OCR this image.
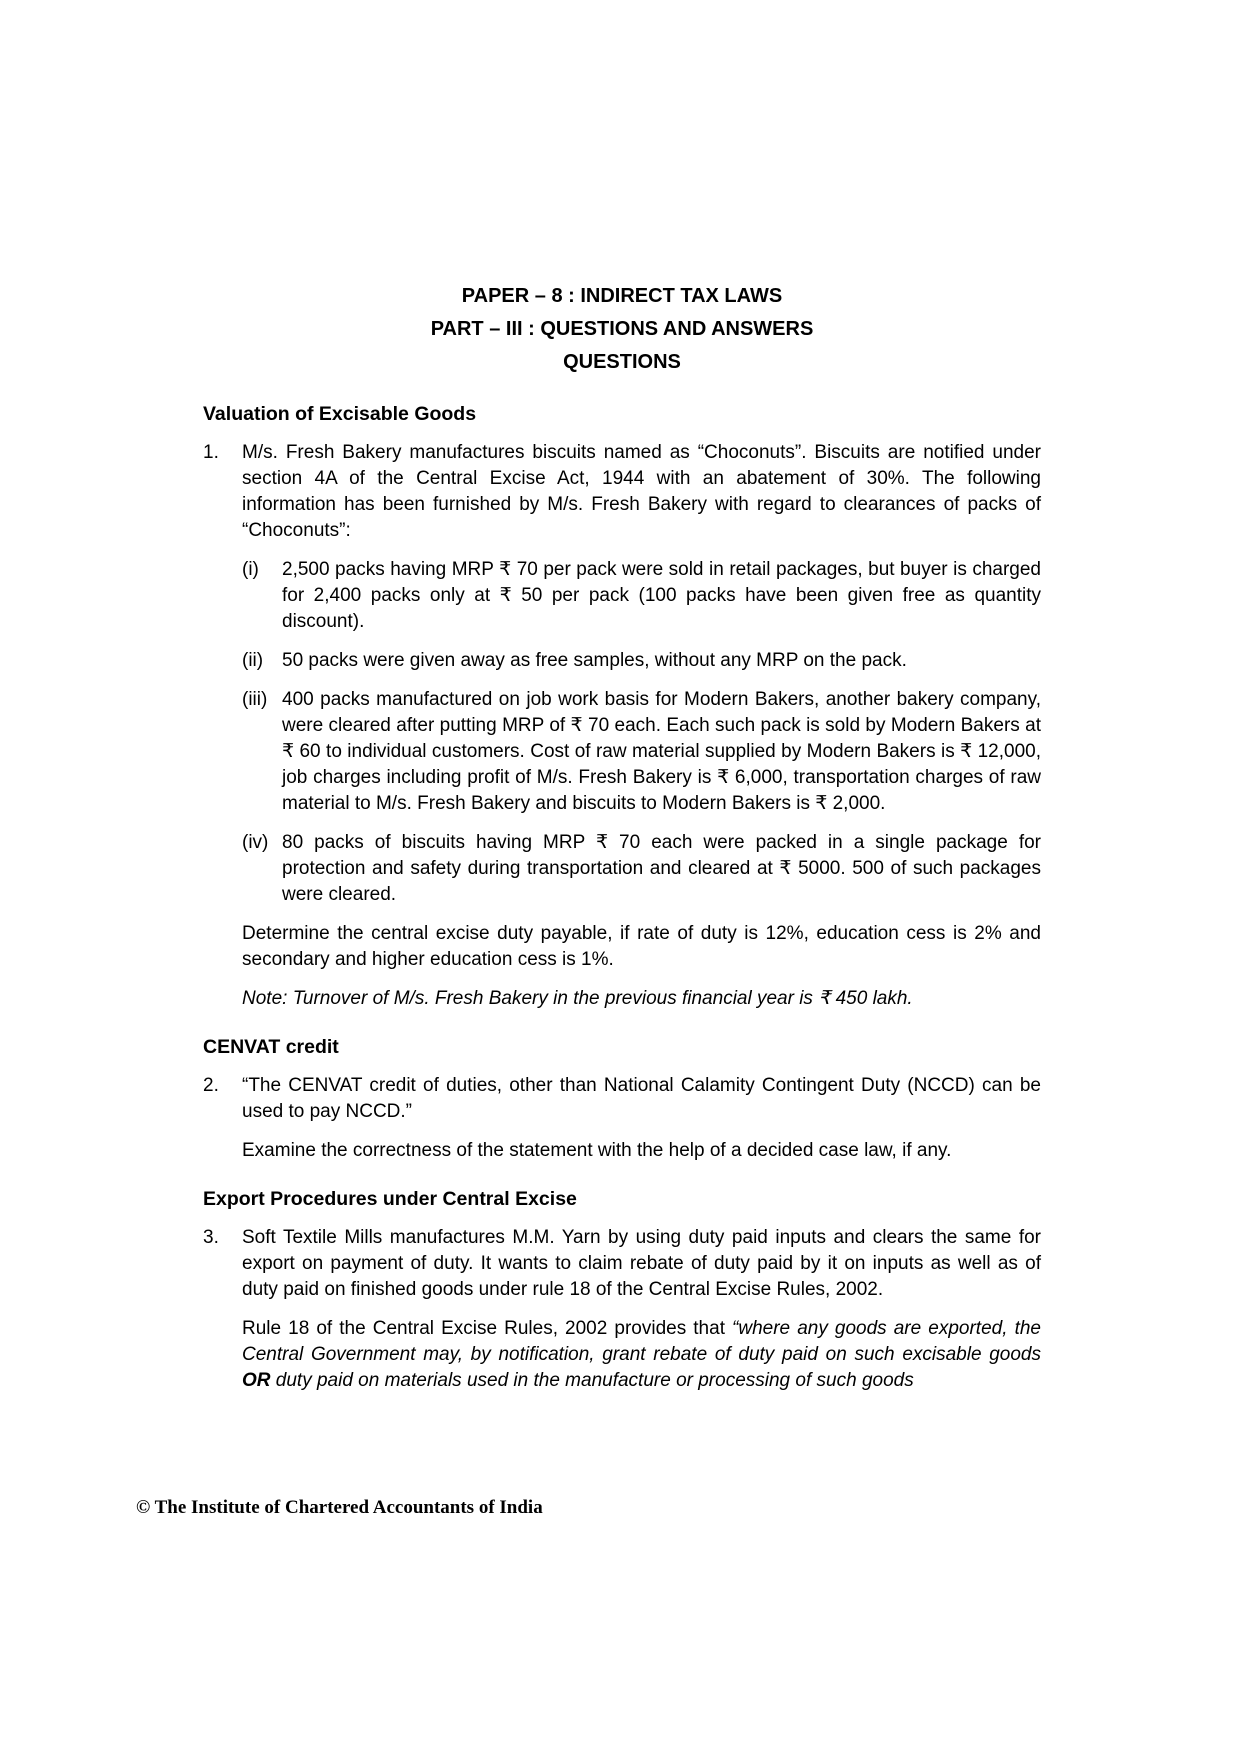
PAPER – 8 : INDIRECT TAX LAWS
PART – III : QUESTIONS AND ANSWERS
QUESTIONS
Valuation of Excisable Goods
1.	M/s. Fresh Bakery manufactures biscuits named as “Choconuts”. Biscuits are notified under section 4A of the Central Excise Act, 1944 with an abatement of 30%. The following information has been furnished by M/s. Fresh Bakery with regard to clearances of packs of “Choconuts”:
(i)	2,500 packs having MRP ₹ 70 per pack were sold in retail packages, but buyer is charged for 2,400 packs only at ₹ 50 per pack (100 packs have been given free as quantity discount).
(ii) 50 packs were given away as free samples, without any MRP on the pack.
(iii) 400 packs manufactured on job work basis for Modern Bakers, another bakery company, were cleared after putting MRP of ₹ 70 each. Each such pack is sold by Modern Bakers at ₹ 60 to individual customers. Cost of raw material supplied by Modern Bakers is ₹ 12,000, job charges including profit of M/s. Fresh Bakery is ₹ 6,000, transportation charges of raw material to M/s. Fresh Bakery and biscuits to Modern Bakers is ₹ 2,000.
(iv) 80 packs of biscuits having MRP ₹ 70 each were packed in a single package for protection and safety during transportation and cleared at ₹ 5000. 500 of such packages were cleared.
Determine the central excise duty payable, if rate of duty is 12%, education cess is 2% and secondary and higher education cess is 1%.
Note: Turnover of M/s. Fresh Bakery in the previous financial year is ₹ 450 lakh.
CENVAT credit
2.	“The CENVAT credit of duties, other than National Calamity Contingent Duty (NCCD) can be used to pay NCCD.”
Examine the correctness of the statement with the help of a decided case law, if any.
Export Procedures under Central Excise
3.	Soft Textile Mills manufactures M.M. Yarn by using duty paid inputs and clears the same for export on payment of duty. It wants to claim rebate of duty paid by it on inputs as well as of duty paid on finished goods under rule 18 of the Central Excise Rules, 2002.
Rule 18 of the Central Excise Rules, 2002 provides that “where any goods are exported, the Central Government may, by notification, grant rebate of duty paid on such excisable goods OR duty paid on materials used in the manufacture or processing of such goods
© The Institute of Chartered Accountants of India
